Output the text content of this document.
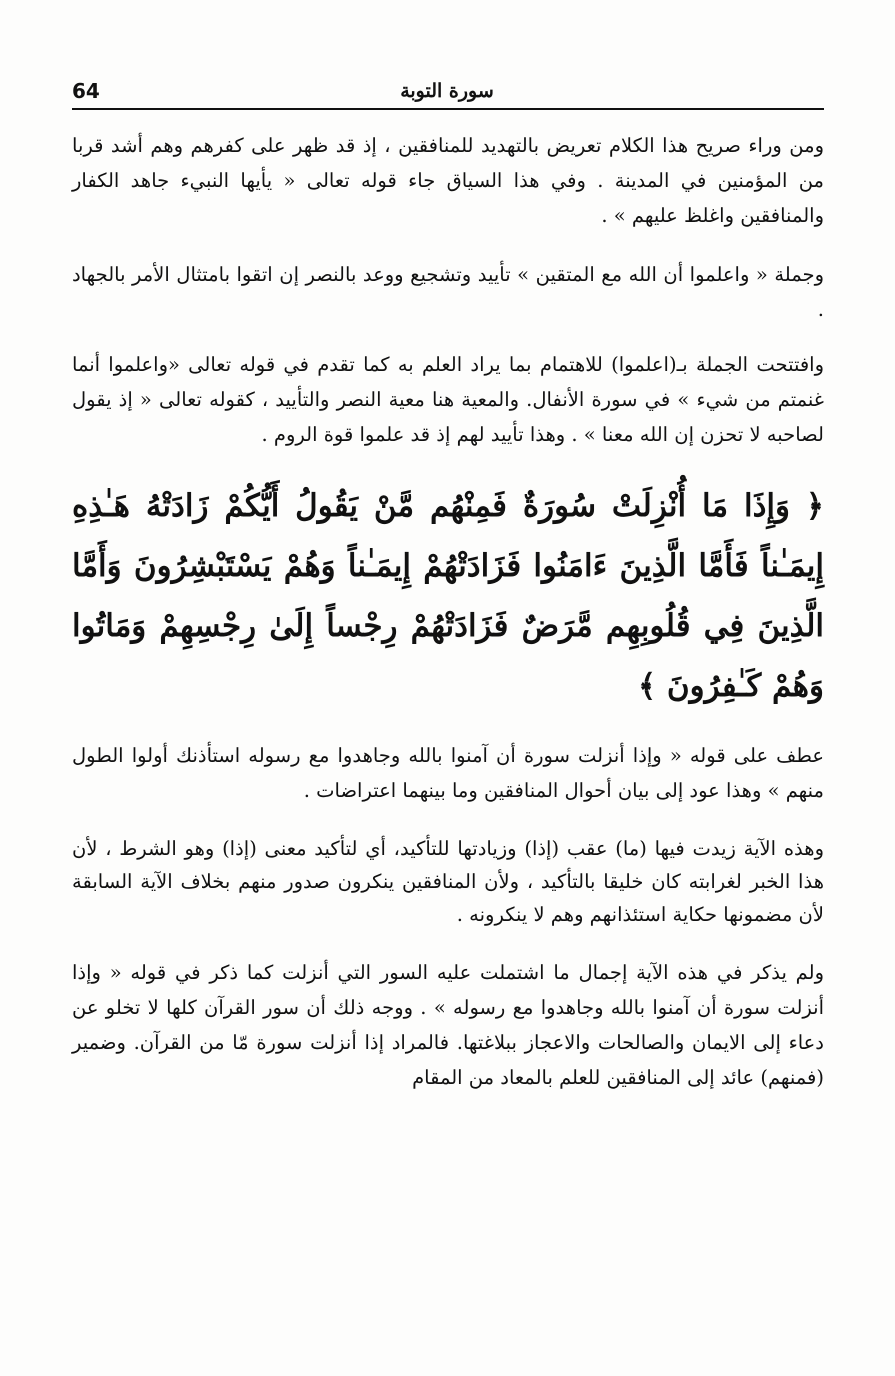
64	سورة التوبة

ومن وراء صريح هذا الكلام تعريض بالتهديد للمنافقين ، إذ قد ظهر على كفرهم وهم أشد قربا من المؤمنين في المدينة . وفي هذا السياق جاء قوله تعالى « يأيها النبيء جاهد الكفار والمنافقين واغلظ عليهم » .

وجملة « واعلموا أن الله مع المتقين » تأييد وتشجيع ووعد بالنصر إن اتقوا بامتثال الأمر بالجهاد .

وافتتحت الجملة بـ(اعلموا) للاهتمام بما يراد العلم به كما تقدم في قوله تعالى «واعلموا أنما غنمتم من شيء » في سورة الأنفال. والمعية هنا معية النصر والتأييد ، كقوله تعالى « إذ يقول لصاحبه لا تحزن إن الله معنا » . وهذا تأييد لهم إذ قد علموا قوة الروم .

﴿ وَإِذَا مَا أُنْزِلَتْ سُورَةٌ فَمِنْهُم مَّنْ يَقُولُ أَيُّكُمْ زَادَتْهُ هَـٰذِهِ إِيمَـٰناً فَأَمَّا الَّذِينَ ءَامَنُوا فَزَادَتْهُمْ إِيمَـٰناً وَهُمْ يَسْتَبْشِرُونَ وَأَمَّا الَّذِينَ فِي قُلُوبِهِم مَّرَضٌ فَزَادَتْهُمْ رِجْساً إِلَىٰ رِجْسِهِمْ وَمَاتُوا وَهُمْ كَـٰفِرُونَ ﴾

عطف على قوله « وإذا أنزلت سورة أن آمنوا بالله وجاهدوا مع رسوله استأذنك أولوا الطول منهم » وهذا عود إلى بيان أحوال المنافقين وما بينهما اعتراضات .

وهذه الآية زيدت فيها (ما) عقب (إذا) وزيادتها للتأكيد، أي لتأكيد معنى (إذا) وهو الشرط ، لأن هذا الخبر لغرابته كان خليقا بالتأكيد ، ولأن المنافقين ينكرون صدور منهم بخلاف الآية السابقة لأن مضمونها حكاية استئذانهم وهم لا ينكرونه .

ولم يذكر في هذه الآية إجمال ما اشتملت عليه السور التي أنزلت كما ذكر في قوله « وإذا أنزلت سورة أن آمنوا بالله وجاهدوا مع رسوله » . ووجه ذلك أن سور القرآن كلها لا تخلو عن دعاء إلى الايمان والصالحات والاعجاز ببلاغتها. فالمراد إذا أنزلت سورة مّا من القرآن. وضمير (فمنهم) عائد إلى المنافقين للعلم بالمعاد من المقام
